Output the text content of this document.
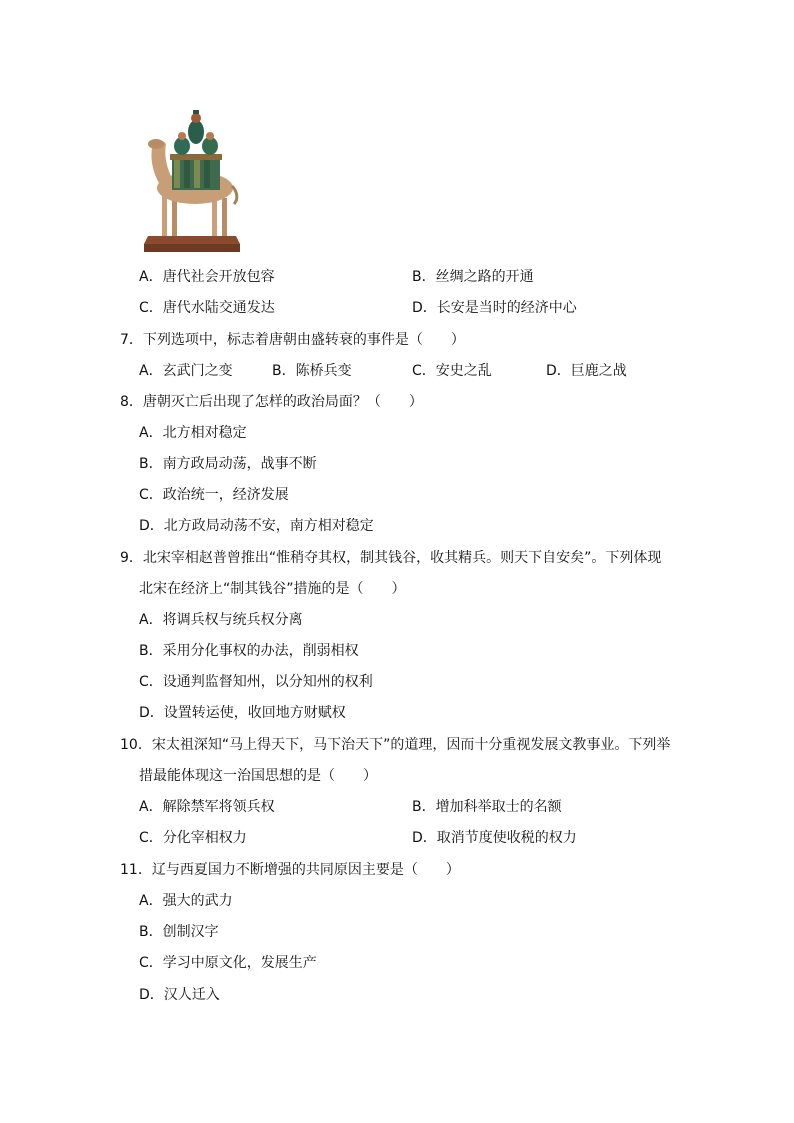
A．唐代社会开放包容	B．丝绸之路的开通
C．唐代水陆交通发达	D．长安是当时的经济中心
7．下列选项中，标志着唐朝由盛转衰的事件是（　　）
A．玄武门之变	B．陈桥兵变	C．安史之乱	D．巨鹿之战
8．唐朝灭亡后出现了怎样的政治局面？（　　）
A．北方相对稳定
B．南方政局动荡，战事不断
C．政治统一，经济发展
D．北方政局动荡不安，南方相对稳定
9．北宋宰相赵普曾推出“惟稍夺其权，制其钱谷，收其精兵。则天下自安矣”。下列体现
北宋在经济上“制其钱谷”措施的是（　　）
A．将调兵权与统兵权分离
B．采用分化事权的办法，削弱相权
C．设通判监督知州，以分知州的权利
D．设置转运使，收回地方财赋权
10．宋太祖深知“马上得天下，马下治天下”的道理，因而十分重视发展文教事业。下列举
措最能体现这一治国思想的是（　　）
A．解除禁军将领兵权	B．增加科举取士的名额
C．分化宰相权力	D．取消节度使收税的权力
11．辽与西夏国力不断增强的共同原因主要是（　　）
A．强大的武力
B．创制汉字
C．学习中原文化，发展生产
D．汉人迁入
